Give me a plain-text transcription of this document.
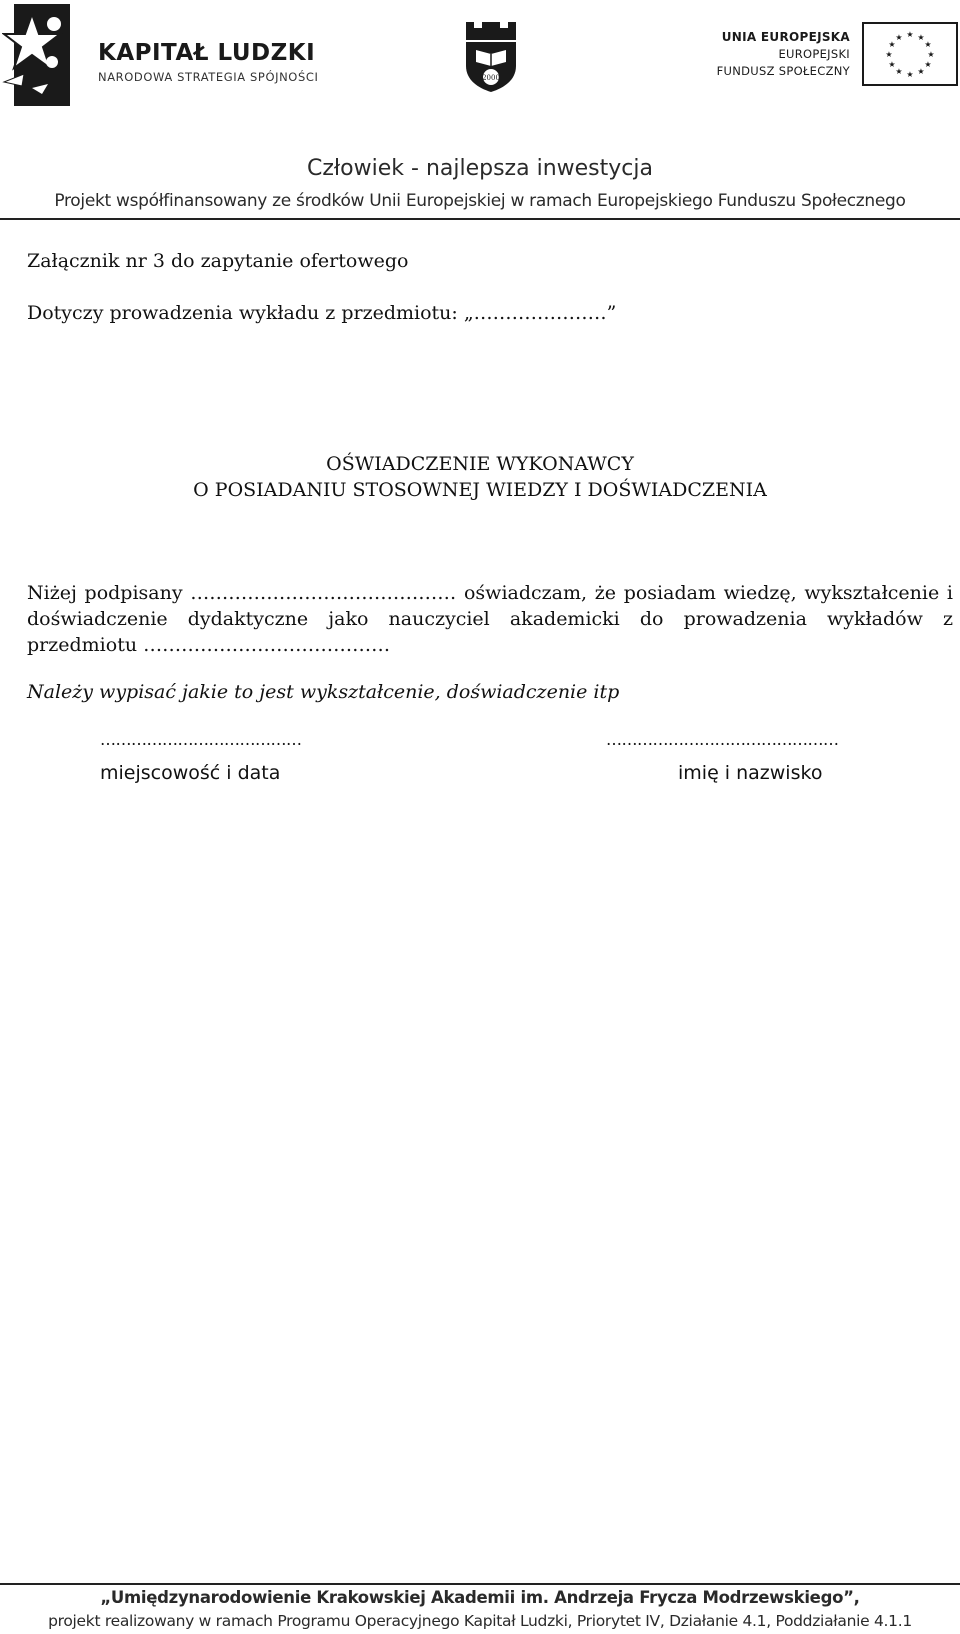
KAPITAŁ LUDZKI
NARODOWA STRATEGIA SPÓJNOŚCI	2000
UNIA EUROPEJSKA
EUROPEJSKI
FUNDUSZ SPOŁECZNY
★ ★
★
★
★
★
★
★
★
★
★
★
Człowiek - najlepsza inwestycja
Projekt współfinansowany ze środków Unii Europejskiej w ramach Europejskiego Funduszu Społecznego
Załącznik nr 3 do zapytanie ofertowego
Dotyczy prowadzenia wykładu z przedmiotu: „…………………”
OŚWIADCZENIE WYKONAWCY
O POSIADANIU STOSOWNEJ WIEDZY I DOŚWIADCZENIA
Niżej podpisany …………………………………… oświadczam, że posiadam wiedzę, wykształcenie i doświadczenie dydaktyczne jako nauczyciel akademicki do prowadzenia wykładów z przedmiotu …………………………………
Należy wypisać jakie to jest wykształcenie, doświadczenie itp
…………………………………	………………………………………
miejscowość i data	imię i nazwisko
„Umiędzynarodowienie Krakowskiej Akademii im. Andrzeja Frycza Modrzewskiego”,
projekt realizowany w ramach Programu Operacyjnego Kapitał Ludzki, Priorytet IV, Działanie 4.1, Poddziałanie 4.1.1
